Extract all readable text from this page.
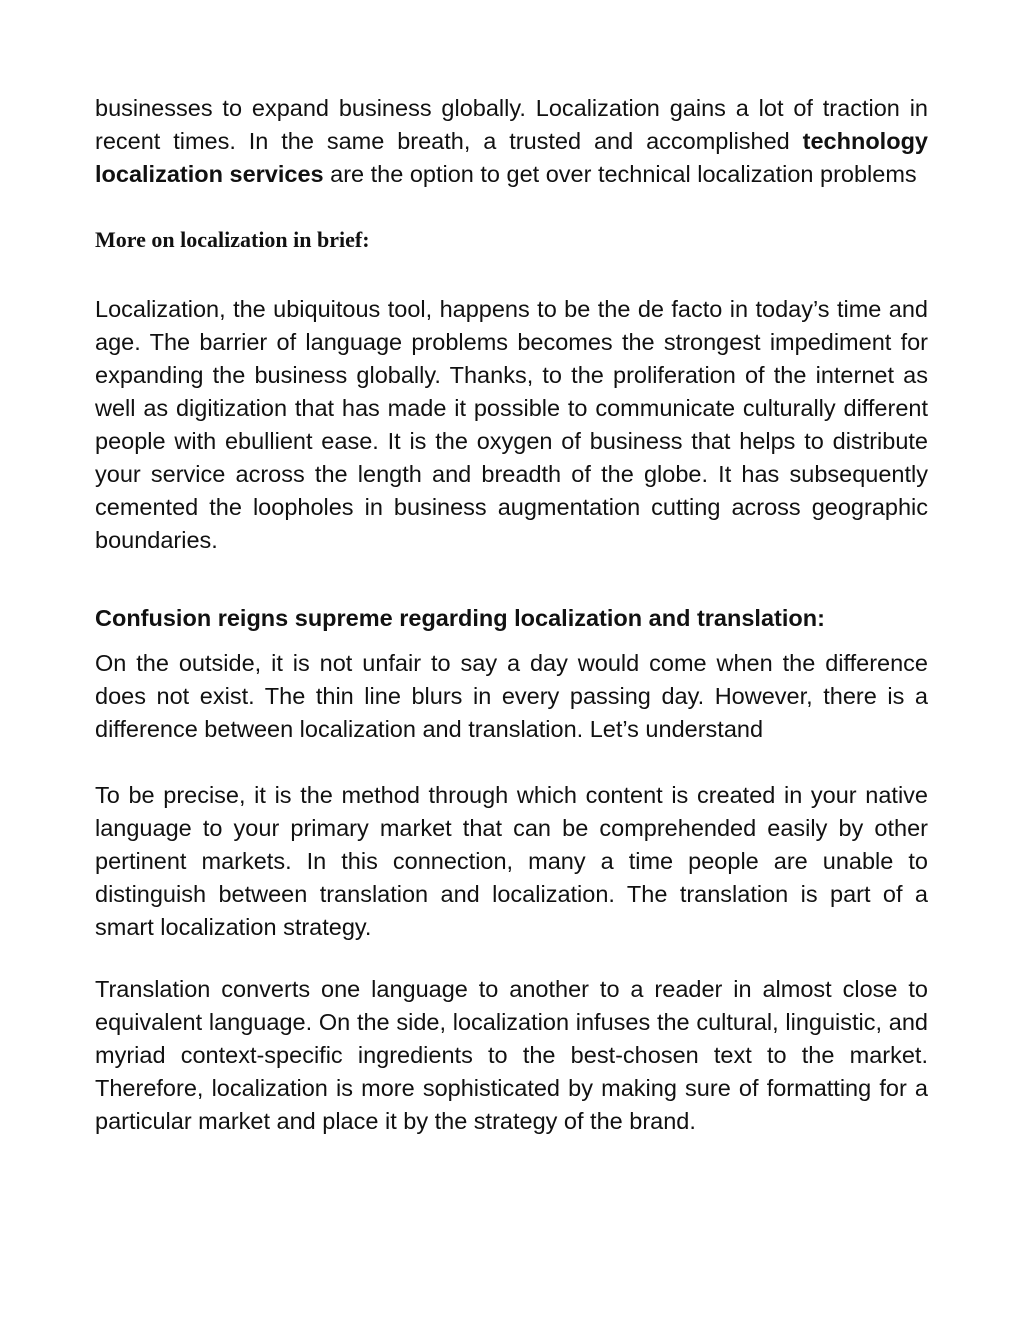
businesses to expand business globally. Localization gains a lot of traction in recent times. In the same breath, a trusted and accomplished technology localization services are the option to get over technical localization problems

More on localization in brief:

Localization, the ubiquitous tool, happens to be the de facto in today’s time and age. The barrier of language problems becomes the strongest impediment for expanding the business globally. Thanks, to the proliferation of the internet as well as digitization that has made it possible to communicate culturally different people with ebullient ease. It is the oxygen of business that helps to distribute your service across the length and breadth of the globe. It has subsequently cemented the loopholes in business augmentation cutting across geographic boundaries.

Confusion reigns supreme regarding localization and translation:

On the outside, it is not unfair to say a day would come when the difference does not exist. The thin line blurs in every passing day. However, there is a difference between localization and translation. Let’s understand

To be precise, it is the method through which content is created in your native language to your primary market that can be comprehended easily by other pertinent markets. In this connection, many a time people are unable to distinguish between translation and localization. The translation is part of a smart localization strategy.

Translation converts one language to another to a reader in almost close to equivalent language. On the side, localization infuses the cultural, linguistic, and myriad context-specific ingredients to the best-chosen text to the market. Therefore, localization is more sophisticated by making sure of formatting for a particular market and place it by the strategy of the brand.
